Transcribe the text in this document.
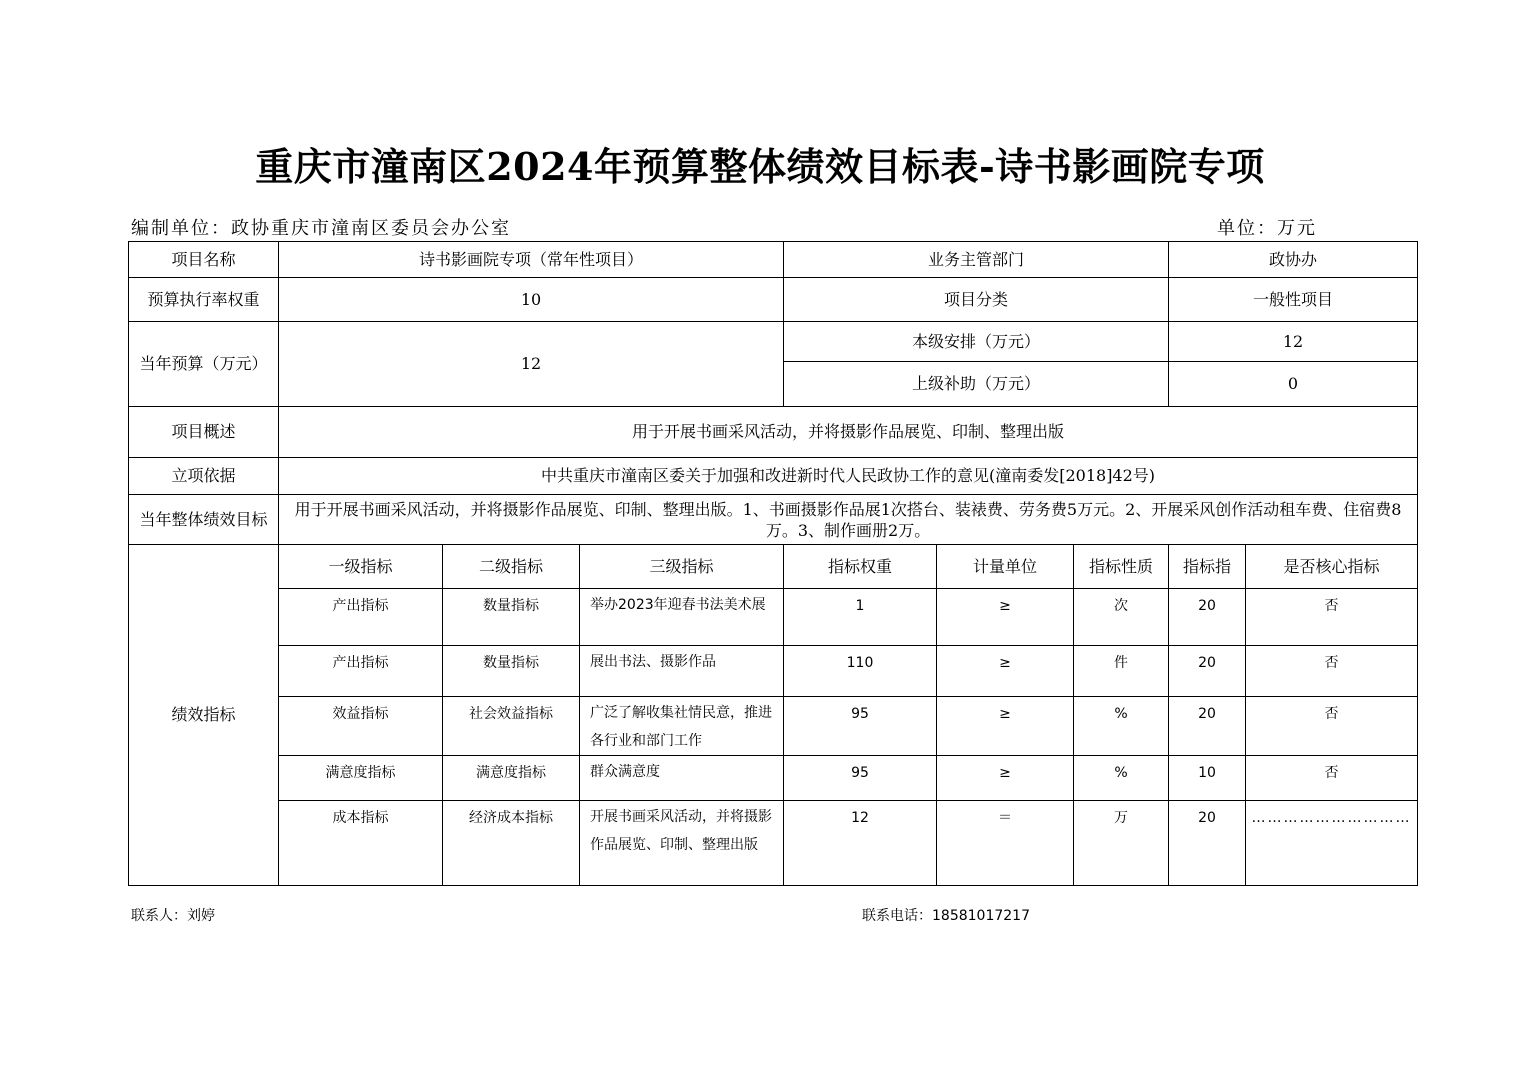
重庆市潼南区2024年预算整体绩效目标表-诗书影画院专项
编制单位：政协重庆市潼南区委员会办公室	单位：万元
项目名称	诗书影画院专项（常年性项目）			业务主管部门			政协办	
预算执行率权重	10			项目分类			一般性项目	
当年预算（万元）	12			本级安排（万元）			12	
				上级补助（万元）			0	
项目概述	用于开展书画采风活动，并将摄影作品展览、印制、整理出版							
立项依据	中共重庆市潼南区委关于加强和改进新时代人民政协工作的意见(潼南委发[2018]42号)							
当年整体绩效目标	用于开展书画采风活动，并将摄影作品展览、印制、整理出版。1、书画摄影作品展1次搭台、装裱费、劳务费5万元。2、开展采风创作活动租车费、住宿费8万。3、制作画册2万。							
绩效指标	一级指标	二级指标	三级指标	指标权重	计量单位	指标性质	指标指	是否核心指标
	产出指标	数量指标	举办2023年迎春书法美术展	1	≥	次	20	否
	产出指标	数量指标	展出书法、摄影作品	110	≥	件	20	否
	效益指标	社会效益指标	广泛了解收集社情民意，推进各行业和部门工作	95	≥	%	20	否
	满意度指标	满意度指标	群众满意度	95	≥	%	10	否
	成本指标	经济成本指标	开展书画采风活动，并将摄影作品展览、印制、整理出版	12	＝	万	20	…………………………
联系人：刘婷	联系电话：18581017217
